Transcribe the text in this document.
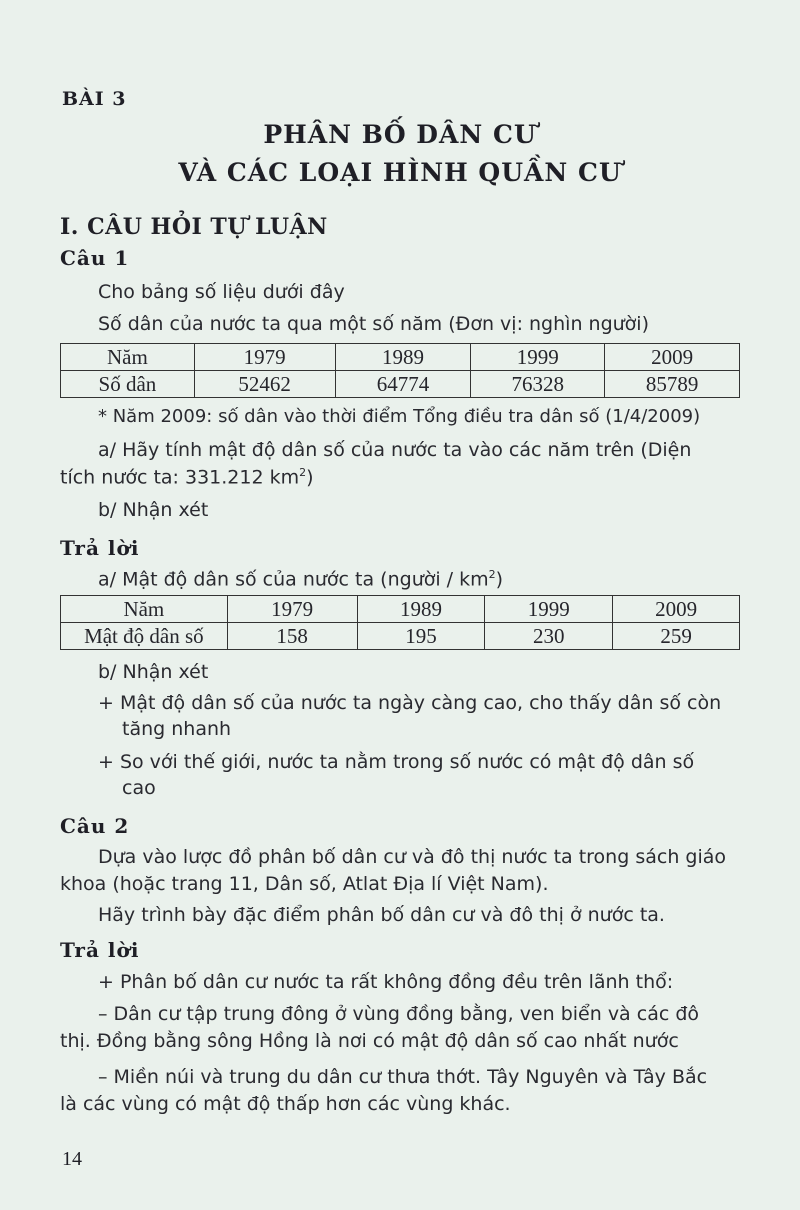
BÀI 3
PHÂN BỐ DÂN CƯ
VÀ CÁC LOẠI HÌNH QUẦN CƯ
I. CÂU HỎI TỰ LUẬN
Câu 1
Cho bảng số liệu dưới đây
Số dân của nước ta qua một số năm (Đơn vị: nghìn người)
Năm	1979	1989	1999	2009
Số dân	52462	64774	76328	85789
* Năm 2009: số dân vào thời điểm Tổng điều tra dân số (1/4/2009)
a/ Hãy tính mật độ dân số của nước ta vào các năm trên (Diện
tích nước ta: 331.212 $km^2$)
b/ Nhận xét
Trả lời
a/ Mật độ dân số của nước ta (người / $km^2$)
Năm	1979	1989	1999	2009
Mật độ dân số	158	195	230	259
b/ Nhận xét
+ Mật độ dân số của nước ta ngày càng cao, cho thấy dân số còn
tăng nhanh
+ So với thế giới, nước ta nằm trong số nước có mật độ dân số
cao
Câu 2
Dựa vào lược đồ phân bố dân cư và đô thị nước ta trong sách giáo
khoa (hoặc trang 11, Dân số, Atlat Địa lí Việt Nam).
Hãy trình bày đặc điểm phân bố dân cư và đô thị ở nước ta.
Trả lời
+ Phân bố dân cư nước ta rất không đồng đều trên lãnh thổ:
– Dân cư tập trung đông ở vùng đồng bằng, ven biển và các đô
thị. Đồng bằng sông Hồng là nơi có mật độ dân số cao nhất nước
– Miền núi và trung du dân cư thưa thớt. Tây Nguyên và Tây Bắc
là các vùng có mật độ thấp hơn các vùng khác.
14
